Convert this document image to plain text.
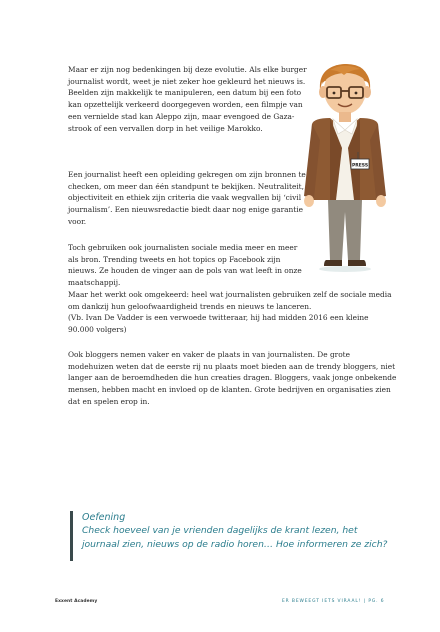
Maar er zijn nog bedenkingen bij deze evolutie. Als elke burger
journalist wordt, weet je niet zeker hoe gekleurd het nieuws is.
Beelden zijn makkelijk te manipuleren, een datum bij een foto
kan opzettelijk verkeerd doorgegeven worden, een filmpje van
een vernielde stad kan Aleppo zijn, maar evengoed de Gaza-
strook of een vervallen dorp in het veilige Marokko.

Een journalist heeft een opleiding gekregen om zijn bronnen te
checken, om meer dan één standpunt te bekijken. Neutraliteit,
objectiviteit en ethiek zijn criteria die vaak wegvallen bij ‘civil
journalism’. Een nieuwsredactie biedt daar nog enige garantie
voor.

Toch gebruiken ook journalisten sociale media meer en meer
als bron. Trending tweets en hot topics op Facebook zijn
nieuws. Ze houden de vinger aan de pols van wat leeft in onze
maatschappij.
Maar het werkt ook omgekeerd: heel wat journalisten gebruiken zelf de sociale media
om dankzij hun geloofwaardigheid trends en nieuws te lanceren.
(Vb. Ivan De Vadder is een verwoede twitteraar, hij had midden 2016 een kleine
90.000 volgers)

Ook bloggers nemen vaker en vaker de plaats in van journalisten. De grote
modehuizen weten dat de eerste rij nu plaats moet bieden aan de trendy bloggers, niet
langer aan de beroemdheden die hun creaties dragen. Bloggers, vaak jonge onbekende
mensen, hebben macht en invloed op de klanten. Grote bedrijven en organisaties zien
dat en spelen erop in.

PRESS

Oefening

Check hoeveel van je vrienden dagelijks de krant lezen, het
journaal zien, nieuws op de radio horen… Hoe informeren ze zich?

Exxent Academy	ER BEWEEGT IETS VIRAAL! | PG. 6
